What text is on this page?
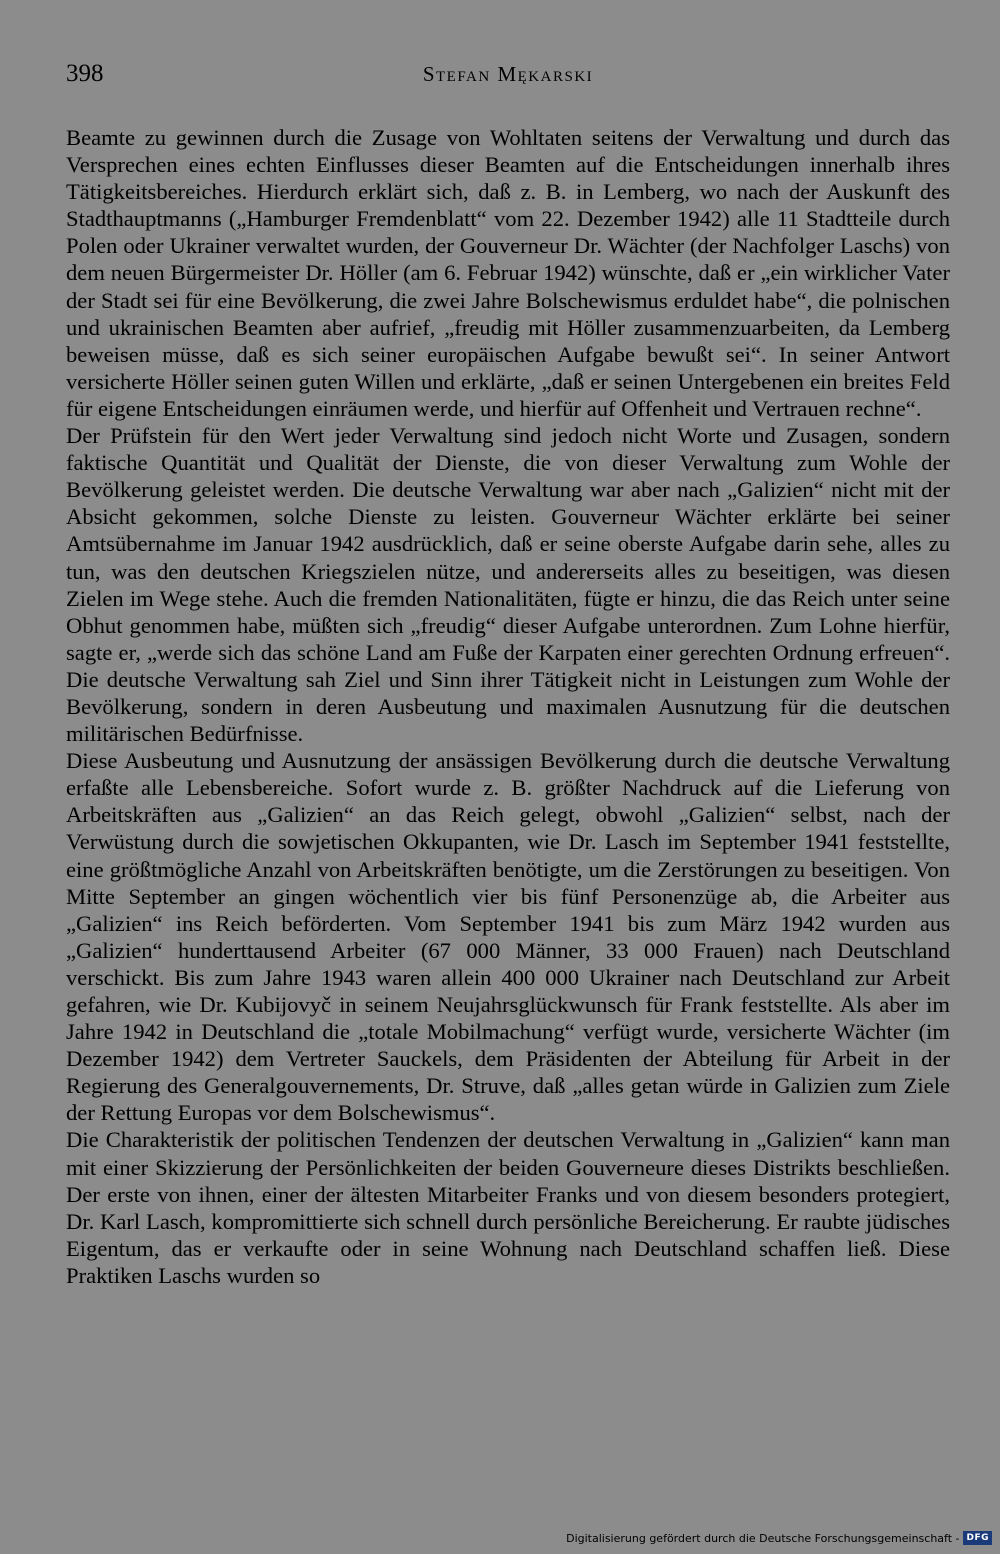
398	Stefan Mękarski

Beamte zu gewinnen durch die Zusage von Wohltaten seitens der Verwaltung und durch das Versprechen eines echten Einflusses dieser Beamten auf die Entscheidungen innerhalb ihres Tätigkeitsbereiches. Hierdurch erklärt sich, daß z. B. in Lemberg, wo nach der Auskunft des Stadthauptmanns („Hamburger Fremdenblatt“ vom 22. Dezember 1942) alle 11 Stadtteile durch Polen oder Ukrainer verwaltet wurden, der Gouverneur Dr. Wächter (der Nachfolger Laschs) von dem neuen Bürgermeister Dr. Höller (am 6. Februar 1942) wünschte, daß er „ein wirklicher Vater der Stadt sei für eine Bevölkerung, die zwei Jahre Bolschewismus erduldet habe“, die polnischen und ukrainischen Beamten aber aufrief, „freudig mit Höller zusammenzuarbeiten, da Lemberg beweisen müsse, daß es sich seiner europäischen Aufgabe bewußt sei“. In seiner Antwort versicherte Höller seinen guten Willen und erklärte, „daß er seinen Untergebenen ein breites Feld für eigene Entscheidungen einräumen werde, und hierfür auf Offenheit und Vertrauen rechne“.

Der Prüfstein für den Wert jeder Verwaltung sind jedoch nicht Worte und Zusagen, sondern faktische Quantität und Qualität der Dienste, die von dieser Verwaltung zum Wohle der Bevölkerung geleistet werden. Die deutsche Verwaltung war aber nach „Galizien“ nicht mit der Absicht gekommen, solche Dienste zu leisten. Gouverneur Wächter erklärte bei seiner Amtsübernahme im Januar 1942 ausdrücklich, daß er seine oberste Aufgabe darin sehe, alles zu tun, was den deutschen Kriegszielen nütze, und andererseits alles zu beseitigen, was diesen Zielen im Wege stehe. Auch die fremden Nationalitäten, fügte er hinzu, die das Reich unter seine Obhut genommen habe, müßten sich „freudig“ dieser Aufgabe unterordnen. Zum Lohne hierfür, sagte er, „werde sich das schöne Land am Fuße der Karpaten einer gerechten Ordnung erfreuen“. Die deutsche Verwaltung sah Ziel und Sinn ihrer Tätigkeit nicht in Leistungen zum Wohle der Bevölkerung, sondern in deren Ausbeutung und maximalen Ausnutzung für die deutschen militärischen Bedürfnisse.

Diese Ausbeutung und Ausnutzung der ansässigen Bevölkerung durch die deutsche Verwaltung erfaßte alle Lebensbereiche. Sofort wurde z. B. größter Nachdruck auf die Lieferung von Arbeitskräften aus „Galizien“ an das Reich gelegt, obwohl „Galizien“ selbst, nach der Verwüstung durch die sowjetischen Okkupanten, wie Dr. Lasch im September 1941 feststellte, eine größtmögliche Anzahl von Arbeitskräften benötigte, um die Zerstörungen zu beseitigen. Von Mitte September an gingen wöchentlich vier bis fünf Personenzüge ab, die Arbeiter aus „Galizien“ ins Reich beförderten. Vom September 1941 bis zum März 1942 wurden aus „Galizien“ hunderttausend Arbeiter (67 000 Männer, 33 000 Frauen) nach Deutschland verschickt. Bis zum Jahre 1943 waren allein 400 000 Ukrainer nach Deutschland zur Arbeit gefahren, wie Dr. Kubijovyč in seinem Neujahrsglückwunsch für Frank feststellte. Als aber im Jahre 1942 in Deutschland die „totale Mobilmachung“ verfügt wurde, versicherte Wächter (im Dezember 1942) dem Vertreter Sauckels, dem Präsidenten der Abteilung für Arbeit in der Regierung des Generalgouvernements, Dr. Struve, daß „alles getan würde in Galizien zum Ziele der Rettung Europas vor dem Bolschewismus“.

Die Charakteristik der politischen Tendenzen der deutschen Verwaltung in „Galizien“ kann man mit einer Skizzierung der Persönlichkeiten der beiden Gouverneure dieses Distrikts beschließen. Der erste von ihnen, einer der ältesten Mitarbeiter Franks und von diesem besonders protegiert, Dr. Karl Lasch, kompromittierte sich schnell durch persönliche Bereicherung. Er raubte jüdisches Eigentum, das er verkaufte oder in seine Wohnung nach Deutschland schaffen ließ. Diese Praktiken Laschs wurden so

Digitalisierung gefördert durch die Deutsche Forschungsgemeinschaft - DFG
